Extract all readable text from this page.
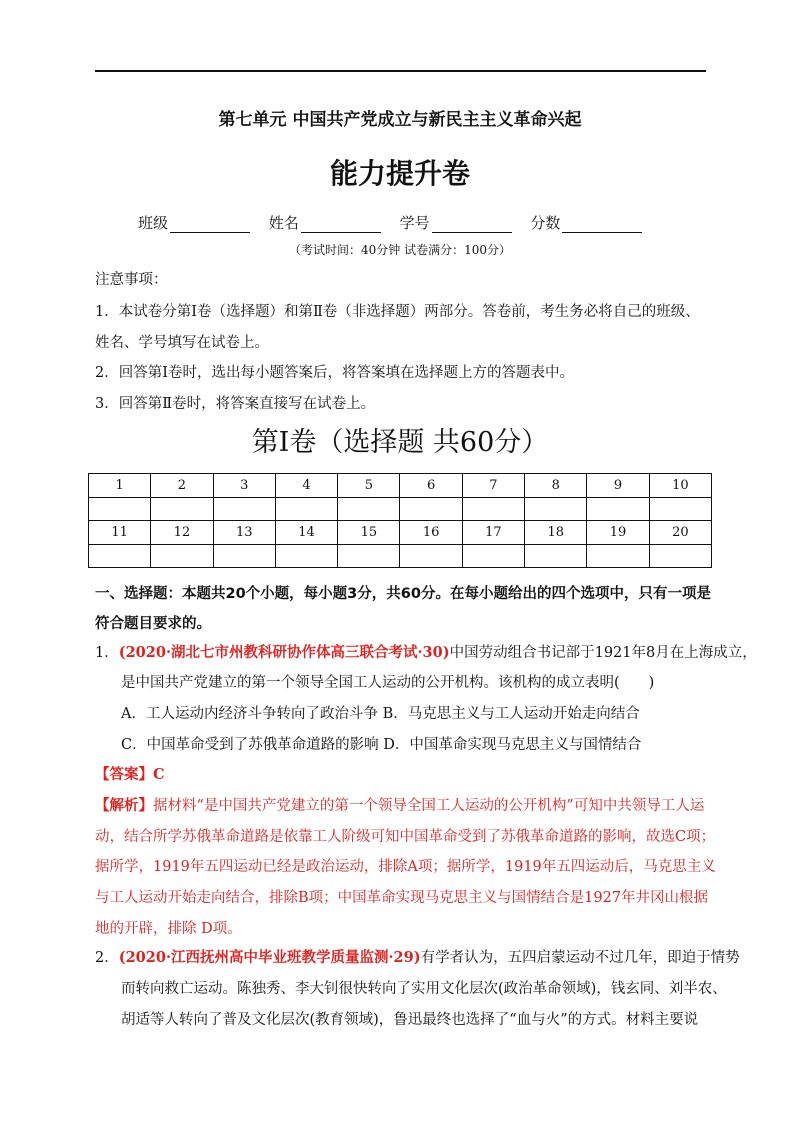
第七单元 中国共产党成立与新民主主义革命兴起
能力提升卷
班级	姓名	学号	分数
（考试时间：40分钟 试卷满分：100分）
注意事项：
1．本试卷分第Ⅰ卷（选择题）和第Ⅱ卷（非选择题）两部分。答卷前，考生务必将自己的班级、
姓名、学号填写在试卷上。
2．回答第Ⅰ卷时，选出每小题答案后，将答案填在选择题上方的答题表中。
3．回答第Ⅱ卷时，将答案直接写在试卷上。
第Ⅰ卷（选择题 共60分）
1	2	3	4	5	6	7	8	9	10

11	12	13	14	15	16	17	18	19	20

一、选择题：本题共20个小题，每小题3分，共60分。在每小题给出的四个选项中，只有一项是
符合题目要求的。
1．(2020·湖北七市州教科研协作体高三联合考试·30)中国劳动组合书记部于1921年8月在上海成立，
是中国共产党建立的第一个领导全国工人运动的公开机构。该机构的成立表明(　　)
A．工人运动内经济斗争转向了政治斗争 B．马克思主义与工人运动开始走向结合
C．中国革命受到了苏俄革命道路的影响 D．中国革命实现马克思主义与国情结合
【答案】C
【解析】据材料“是中国共产党建立的第一个领导全国工人运动的公开机构”可知中共领导工人运
动，结合所学苏俄革命道路是依靠工人阶级可知中国革命受到了苏俄革命道路的影响，故选C项；
据所学，1919年五四运动已经是政治运动，排除A项；据所学，1919年五四运动后，马克思主义
与工人运动开始走向结合，排除B项；中国革命实现马克思主义与国情结合是1927年井冈山根据
地的开辟，排除 D项。
2．(2020·江西抚州高中毕业班教学质量监测·29)有学者认为，五四启蒙运动不过几年，即迫于情势
而转向救亡运动。陈独秀、李大钊很快转向了实用文化层次(政治革命领域)，钱玄同、刘半农、
胡适等人转向了普及文化层次(教育领域)，鲁迅最终也选择了“血与火”的方式。材料主要说
